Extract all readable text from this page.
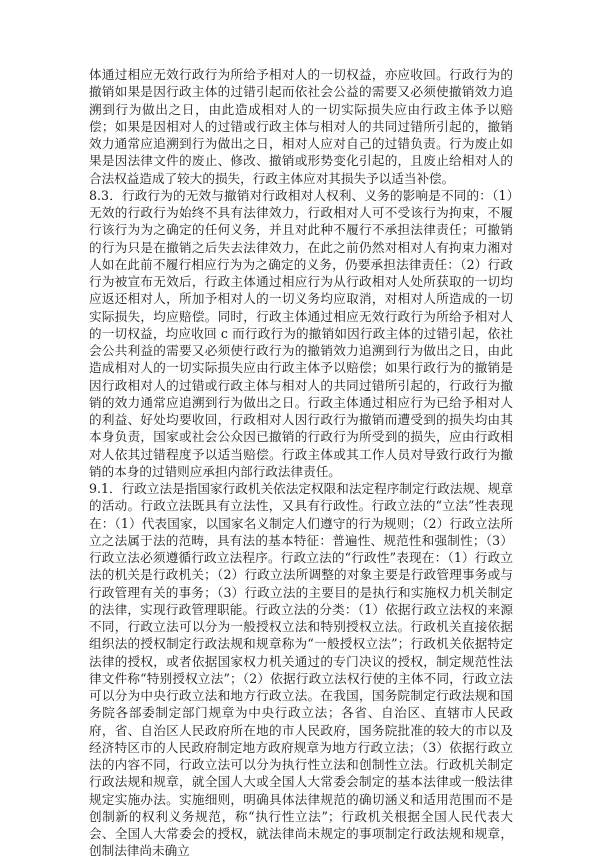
体通过相应无效行政行为所给予相对人的一切权益，亦应收回。行政行为的撤销如果是因行政主体的过错引起而依社会公益的需要又必须使撤销效力追溯到行为做出之日，由此造成相对人的一切实际损失应由行政主体予以赔偿；如果是因相对人的过错或行政主体与相对人的共同过错所引起的，撤销效力通常应追溯到行为做出之日，相对人应对自己的过错负责。行为废止如果是因法律文件的废止、修改、撤销或形势变化引起的，且废止给相对人的合法权益造成了较大的损失，行政主体应对其损失予以适当补偿。

8.3．行政行为的无效与撤销对行政相对人权利、义务的影响是不同的：（1）无效的行政行为始终不具有法律效力，行政相对人可不受该行为拘束，不履行该行为为之确定的任何义务，并且对此种不履行不承担法律责任；可撤销的行为只是在撤销之后失去法律效力，在此之前仍然对相对人有拘束力湘对人如在此前不履行相应行为为之确定的义务，仍要承担法律责任：（2）行政行为被宣布无效后，行政主体通过相应行为从行政相对人处所获取的一切均应返还相对人，所加予相对人的一切义务均应取消，对相对人所造成的一切实际损失，均应赔偿。同时，行政主体通过相应无效行政行为所给予相对人的一切权益，均应收回 c 而行政行为的撤销如因行政主体的过错引起，依社会公共利益的需要又必须使行政行为的撤销效力追溯到行为做出之日，由此造成相对人的一切实际损失应由行政主体予以赔偿；如果行政行为的撤销是因行政相对人的过错或行政主体与相对人的共同过错所引起的，行政行为撤销的效力通常应追溯到行为做出之日。行政主体通过相应行为已给予相对人的利益、好处均要收回，行政相对人因行政行为撤销而遭受到的损失均由其本身负责，国家或社会公众因已撤销的行政行为所受到的损失，应由行政相对人依其过错程度予以适当赔偿。行政主体或其工作人员对导致行政行为撤销的本身的过错则应承担内部行政法律责任。

9.1．行政立法是指国家行政机关依法定权限和法定程序制定行政法规、规章的活动。行政立法既具有立法性，又具有行政性。行政立法的“立法”性表现在：（1）代表国家，以国家名义制定人们遵守的行为规则；（2）行政立法所立之法属于法的范畴，具有法的基本特征：普遍性、规范性和强制性；（3）行政立法必须遵循行政立法程序。行政立法的“行政性”表现在：（1）行政立法的机关是行政机关；（2）行政立法所调整的对象主要是行政管理事务或与行政管理有关的事务；（3）行政立法的主要目的是执行和实施权力机关制定的法律，实现行政管理职能。行政立法的分类：（1）依据行政立法权的来源不同，行政立法可以分为一般授权立法和特别授权立法。行政机关直接依据组织法的授权制定行政法规和规章称为“一般授权立法”；行政机关依据特定法律的授权，或者依据国家权力机关通过的专门决议的授权，制定规范性法律文件称“特别授权立法”；（2）依据行政立法权行使的主体不同，行政立法可以分为中央行政立法和地方行政立法。在我国，国务院制定行政法规和国务院各部委制定部门规章为中央行政立法；各省、自治区、直辖市人民政府，省、自治区人民政府所在地的市人民政府，国务院批准的较大的市以及经济特区市的人民政府制定地方政府规章为地方行政立法；（3）依据行政立法的内容不同，行政立法可以分为执行性立法和创制性立法。行政机关制定行政法规和规章，就全国人大或全国人大常委会制定的基本法律或一般法律规定实施办法。实施细则，明确具体法律规范的确切涵义和适用范围而不是创制新的权利义务规范，称“执行性立法”；行政机关根据全国人民代表大会、全国人大常委会的授权，就法律尚未规定的事项制定行政法规和规章，创制法律尚未确立
